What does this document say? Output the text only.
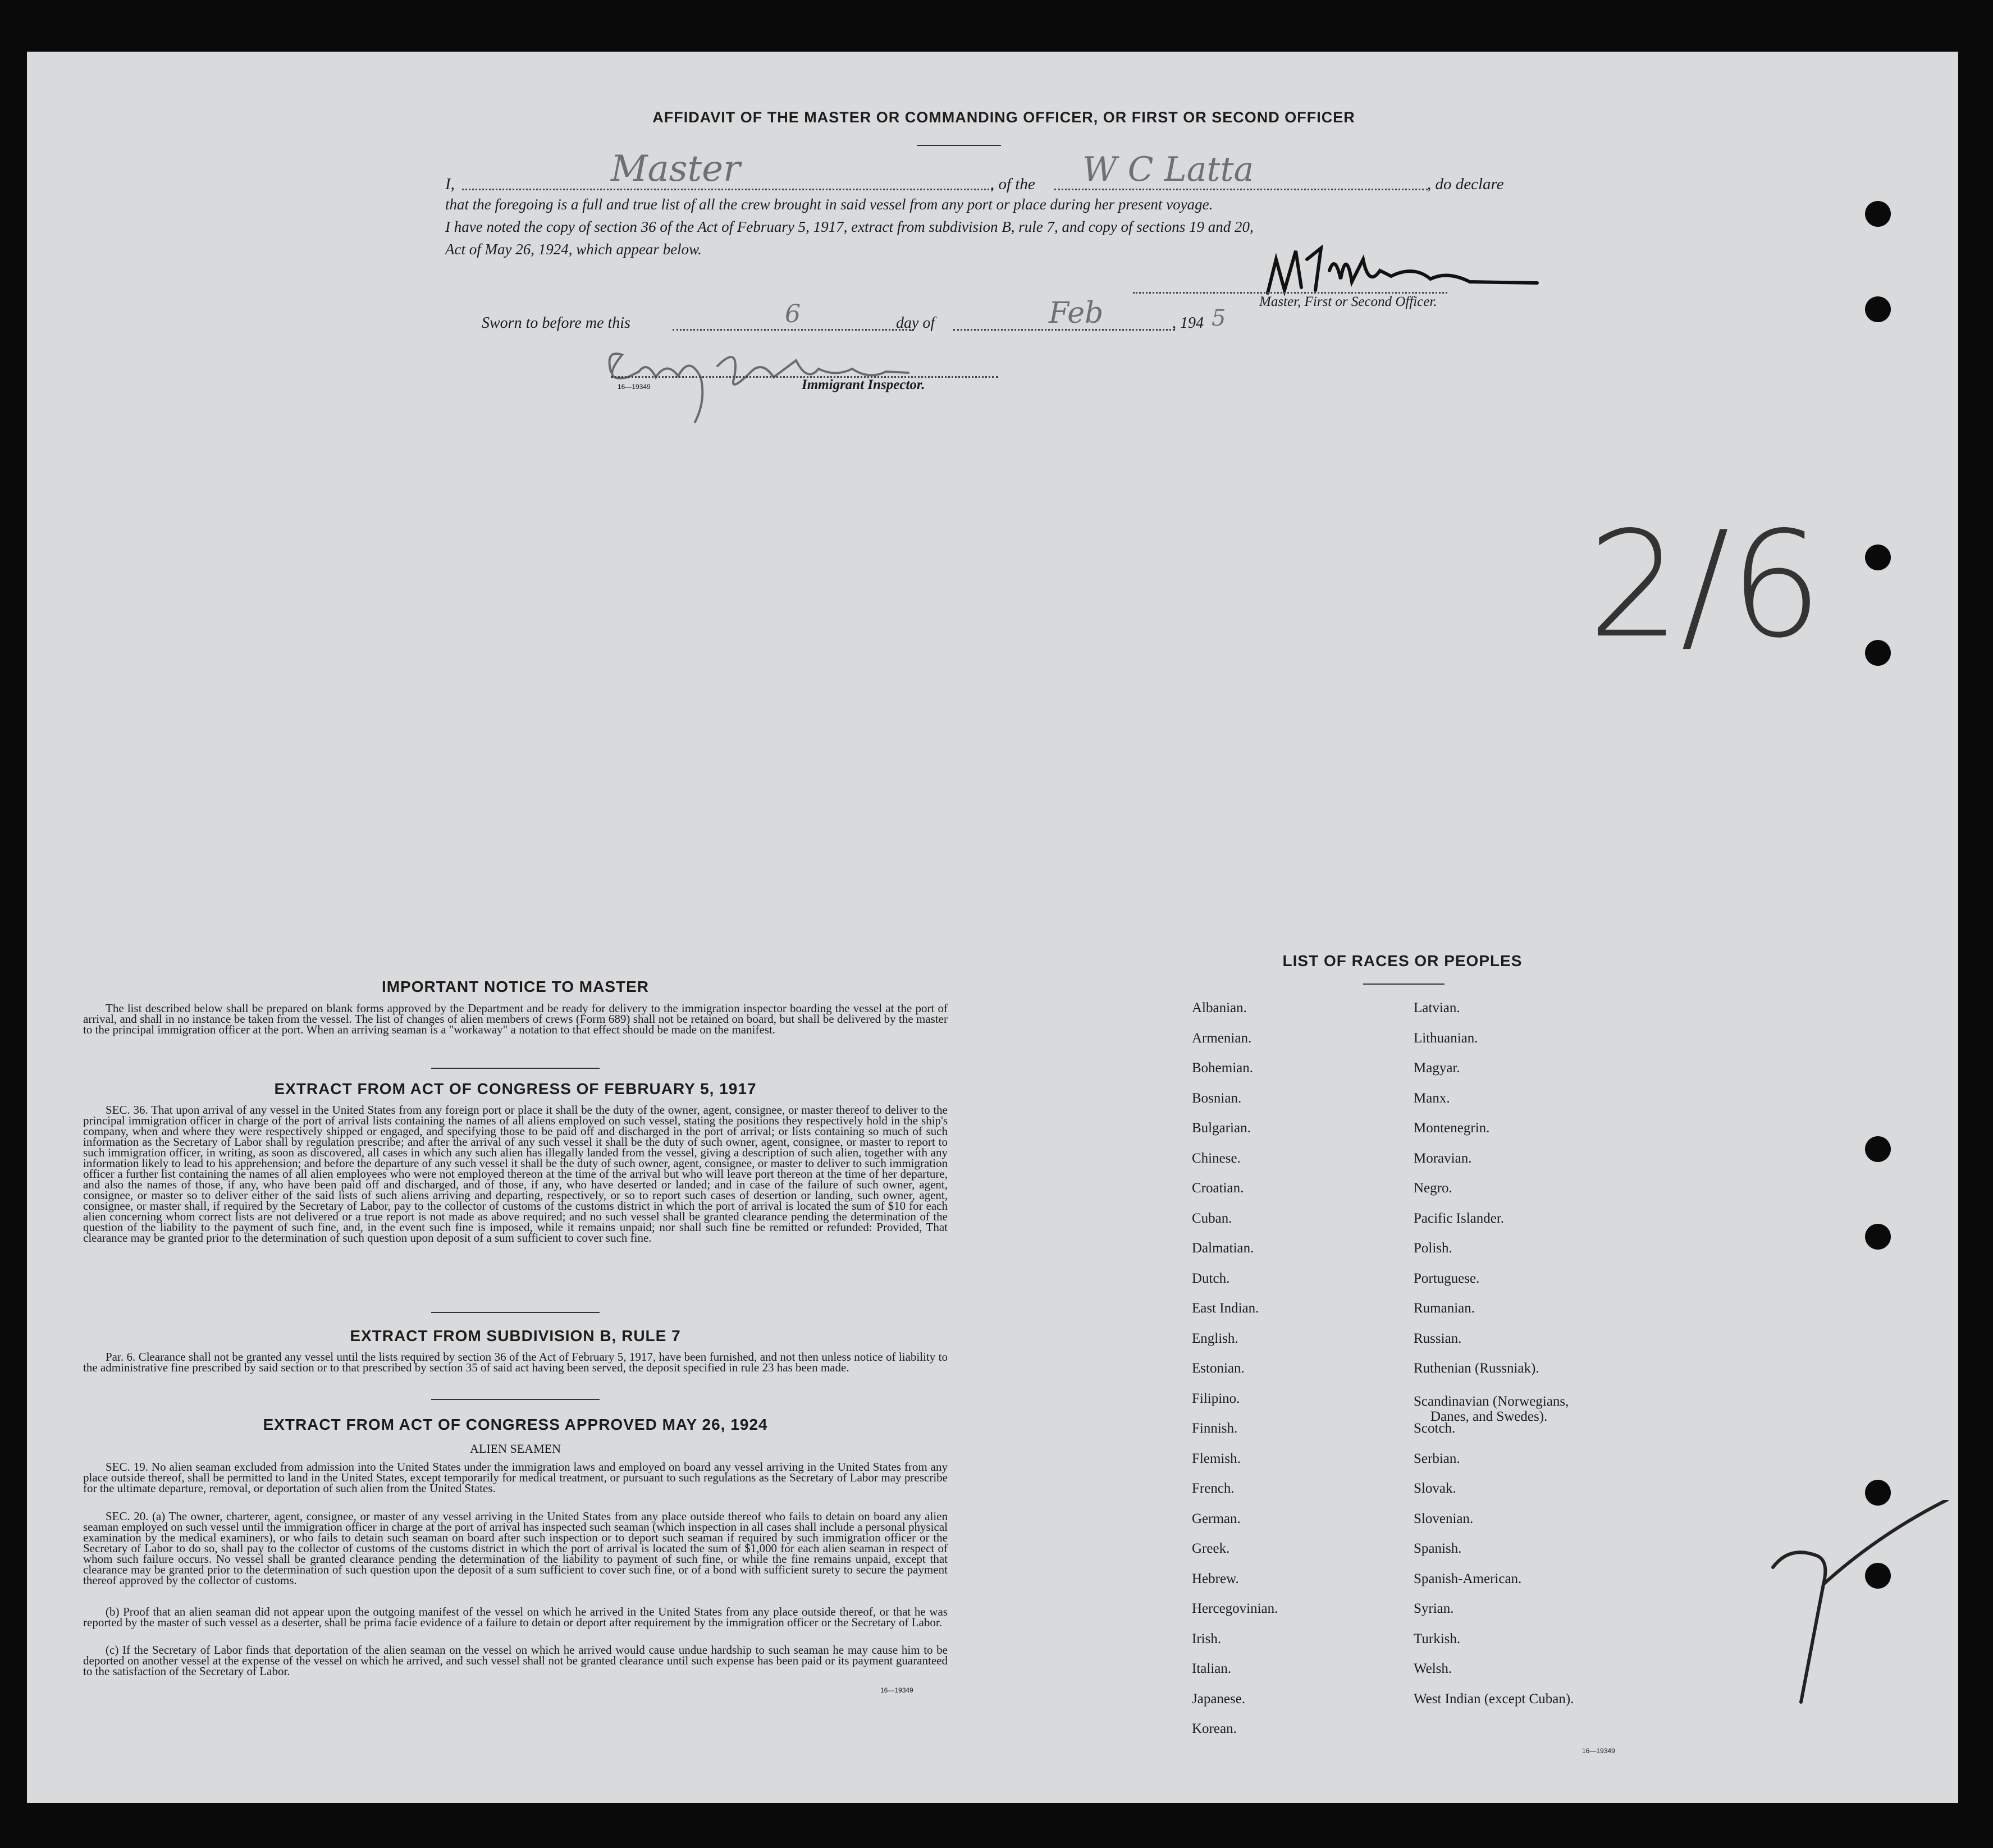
AFFIDAVIT OF THE MASTER OR COMMANDING OFFICER, OR FIRST OR SECOND OFFICER
I,	Master	, of the W C Latta	, do declare
that the foregoing is a full and true list of all the crew brought in said vessel from any port or place during her present voyage.
I have noted the copy of section 36 of the Act of February 5, 1917, extract from subdivision B, rule 7, and copy of sections 19 and 20,
Act of May 26, 1924, which appear below.
Master, First or Second Officer.
Sworn to before me this	6	day of	Feb	, 194 5
16—19349	Immigrant Inspector.
2/6
IMPORTANT NOTICE TO MASTER
The list described below shall be prepared on blank forms approved by the Department and be ready for delivery to the immigration inspector boarding the vessel at the port of arrival, and shall in no instance be taken from the vessel. The list of changes of alien members of crews (Form 689) shall not be retained on board, but shall be delivered by the master to the principal immigration officer at the port. When an arriving seaman is a "workaway" a notation to that effect should be made on the manifest.
EXTRACT FROM ACT OF CONGRESS OF FEBRUARY 5, 1917
SEC. 36. That upon arrival of any vessel in the United States from any foreign port or place it shall be the duty of the owner, agent, consignee, or master thereof to deliver to the principal immigration officer in charge of the port of arrival lists containing the names of all aliens employed on such vessel, stating the positions they respectively hold in the ship's company, when and where they were respectively shipped or engaged, and specifying those to be paid off and discharged in the port of arrival; or lists containing so much of such information as the Secretary of Labor shall by regulation prescribe; and after the arrival of any such vessel it shall be the duty of such owner, agent, consignee, or master to report to such immigration officer, in writing, as soon as discovered, all cases in which any such alien has illegally landed from the vessel, giving a description of such alien, together with any information likely to lead to his apprehension; and before the departure of any such vessel it shall be the duty of such owner, agent, consignee, or master to deliver to such immigration officer a further list containing the names of all alien employees who were not employed thereon at the time of the arrival but who will leave port thereon at the time of her departure, and also the names of those, if any, who have been paid off and discharged, and of those, if any, who have deserted or landed; and in case of the failure of such owner, agent, consignee, or master so to deliver either of the said lists of such aliens arriving and departing, respectively, or so to report such cases of desertion or landing, such owner, agent, consignee, or master shall, if required by the Secretary of Labor, pay to the collector of customs of the customs district in which the port of arrival is located the sum of $10 for each alien concerning whom correct lists are not delivered or a true report is not made as above required; and no such vessel shall be granted clearance pending the determination of the question of the liability to the payment of such fine, and, in the event such fine is imposed, while it remains unpaid; nor shall such fine be remitted or refunded: Provided, That clearance may be granted prior to the determination of such question upon deposit of a sum sufficient to cover such fine.
EXTRACT FROM SUBDIVISION B, RULE 7
Par. 6. Clearance shall not be granted any vessel until the lists required by section 36 of the Act of February 5, 1917, have been furnished, and not then unless notice of liability to the administrative fine prescribed by said section or to that prescribed by section 35 of said act having been served, the deposit specified in rule 23 has been made.
EXTRACT FROM ACT OF CONGRESS APPROVED MAY 26, 1924
ALIEN SEAMEN
SEC. 19. No alien seaman excluded from admission into the United States under the immigration laws and employed on board any vessel arriving in the United States from any place outside thereof, shall be permitted to land in the United States, except temporarily for medical treatment, or pursuant to such regulations as the Secretary of Labor may prescribe for the ultimate departure, removal, or deportation of such alien from the United States.
SEC. 20. (a) The owner, charterer, agent, consignee, or master of any vessel arriving in the United States from any place outside thereof who fails to detain on board any alien seaman employed on such vessel until the immigration officer in charge at the port of arrival has inspected such seaman (which inspection in all cases shall include a personal physical examination by the medical examiners), or who fails to detain such seaman on board after such inspection or to deport such seaman if required by such immigration officer or the Secretary of Labor to do so, shall pay to the collector of customs of the customs district in which the port of arrival is located the sum of $1,000 for each alien seaman in respect of whom such failure occurs. No vessel shall be granted clearance pending the determination of the liability to payment of such fine, or while the fine remains unpaid, except that clearance may be granted prior to the determination of such question upon the deposit of a sum sufficient to cover such fine, or of a bond with sufficient surety to secure the payment thereof approved by the collector of customs.
(b) Proof that an alien seaman did not appear upon the outgoing manifest of the vessel on which he arrived in the United States from any place outside thereof, or that he was reported by the master of such vessel as a deserter, shall be prima facie evidence of a failure to detain or deport after requirement by the immigration officer or the Secretary of Labor.
(c) If the Secretary of Labor finds that deportation of the alien seaman on the vessel on which he arrived would cause undue hardship to such seaman he may cause him to be deported on another vessel at the expense of the vessel on which he arrived, and such vessel shall not be granted clearance until such expense has been paid or its payment guaranteed to the satisfaction of the Secretary of Labor.
16—19349
LIST OF RACES OR PEOPLES
16—19349
Albanian.
Armenian.
Bohemian.
Bosnian.
Bulgarian.
Chinese.
Croatian.
Cuban.
Dalmatian.
Dutch.
East Indian.
English.
Estonian.
Filipino.
Finnish.
Flemish.
French.
German.
Greek.
Hebrew.
Hercegovinian.
Irish.
Italian.
Japanese.
Korean.
Latvian.
Lithuanian.
Magyar.
Manx.
Montenegrin.
Moravian.
Negro.
Pacific Islander.
Polish.
Portuguese.
Rumanian.
Russian.
Ruthenian (Russniak).
Scandinavian (Norwegians,
Danes, and Swedes).
Scotch.
Serbian.
Slovak.
Slovenian.
Spanish.
Spanish-American.
Syrian.
Turkish.
Welsh.
West Indian (except Cuban).
